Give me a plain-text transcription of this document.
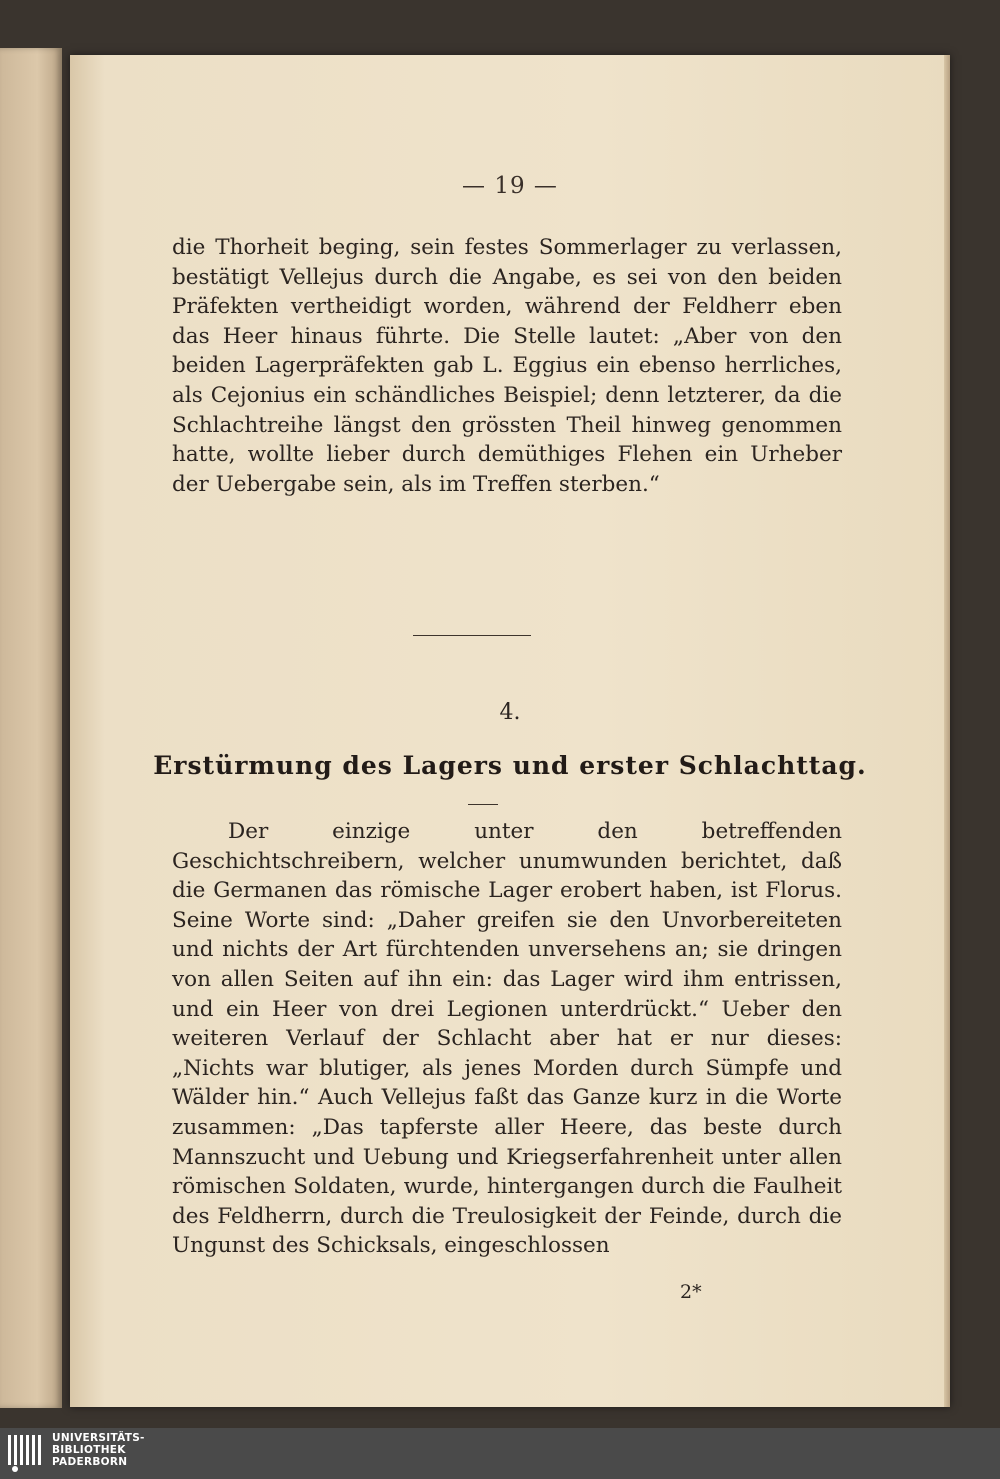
— 19 —

die Thorheit beging, sein festes Sommerlager zu verlassen, bestätigt Vellejus durch die Angabe, es sei von den beiden Präfekten vertheidigt worden, während der Feldherr eben das Heer hinaus führte. Die Stelle lautet: „Aber von den beiden Lagerpräfekten gab L. Eggius ein ebenso herrliches, als Cejonius ein schändliches Beispiel; denn letzterer, da die Schlachtreihe längst den grössten Theil hinweg genommen hatte, wollte lieber durch demüthiges Flehen ein Urheber der Uebergabe sein, als im Treffen sterben.“

4.
Erstürmung des Lagers und erster Schlachttag.

Der einzige unter den betreffenden Geschichtschreibern, welcher unumwunden berichtet, daß die Germanen das römische Lager erobert haben, ist Florus. Seine Worte sind: „Daher greifen sie den Unvorbereiteten und nichts der Art fürchtenden unversehens an; sie dringen von allen Seiten auf ihn ein: das Lager wird ihm entrissen, und ein Heer von drei Legionen unterdrückt.“ Ueber den weiteren Verlauf der Schlacht aber hat er nur dieses: „Nichts war blutiger, als jenes Morden durch Sümpfe und Wälder hin.“ Auch Vellejus faßt das Ganze kurz in die Worte zusammen: „Das tapferste aller Heere, das beste durch Mannszucht und Uebung und Kriegserfahrenheit unter allen römischen Soldaten, wurde, hintergangen durch die Faulheit des Feldherrn, durch die Treulosigkeit der Feinde, durch die Ungunst des Schicksals, eingeschlossen

2*
UNIVERSITÄTS-
BIBLIOTHEK
PADERBORN
